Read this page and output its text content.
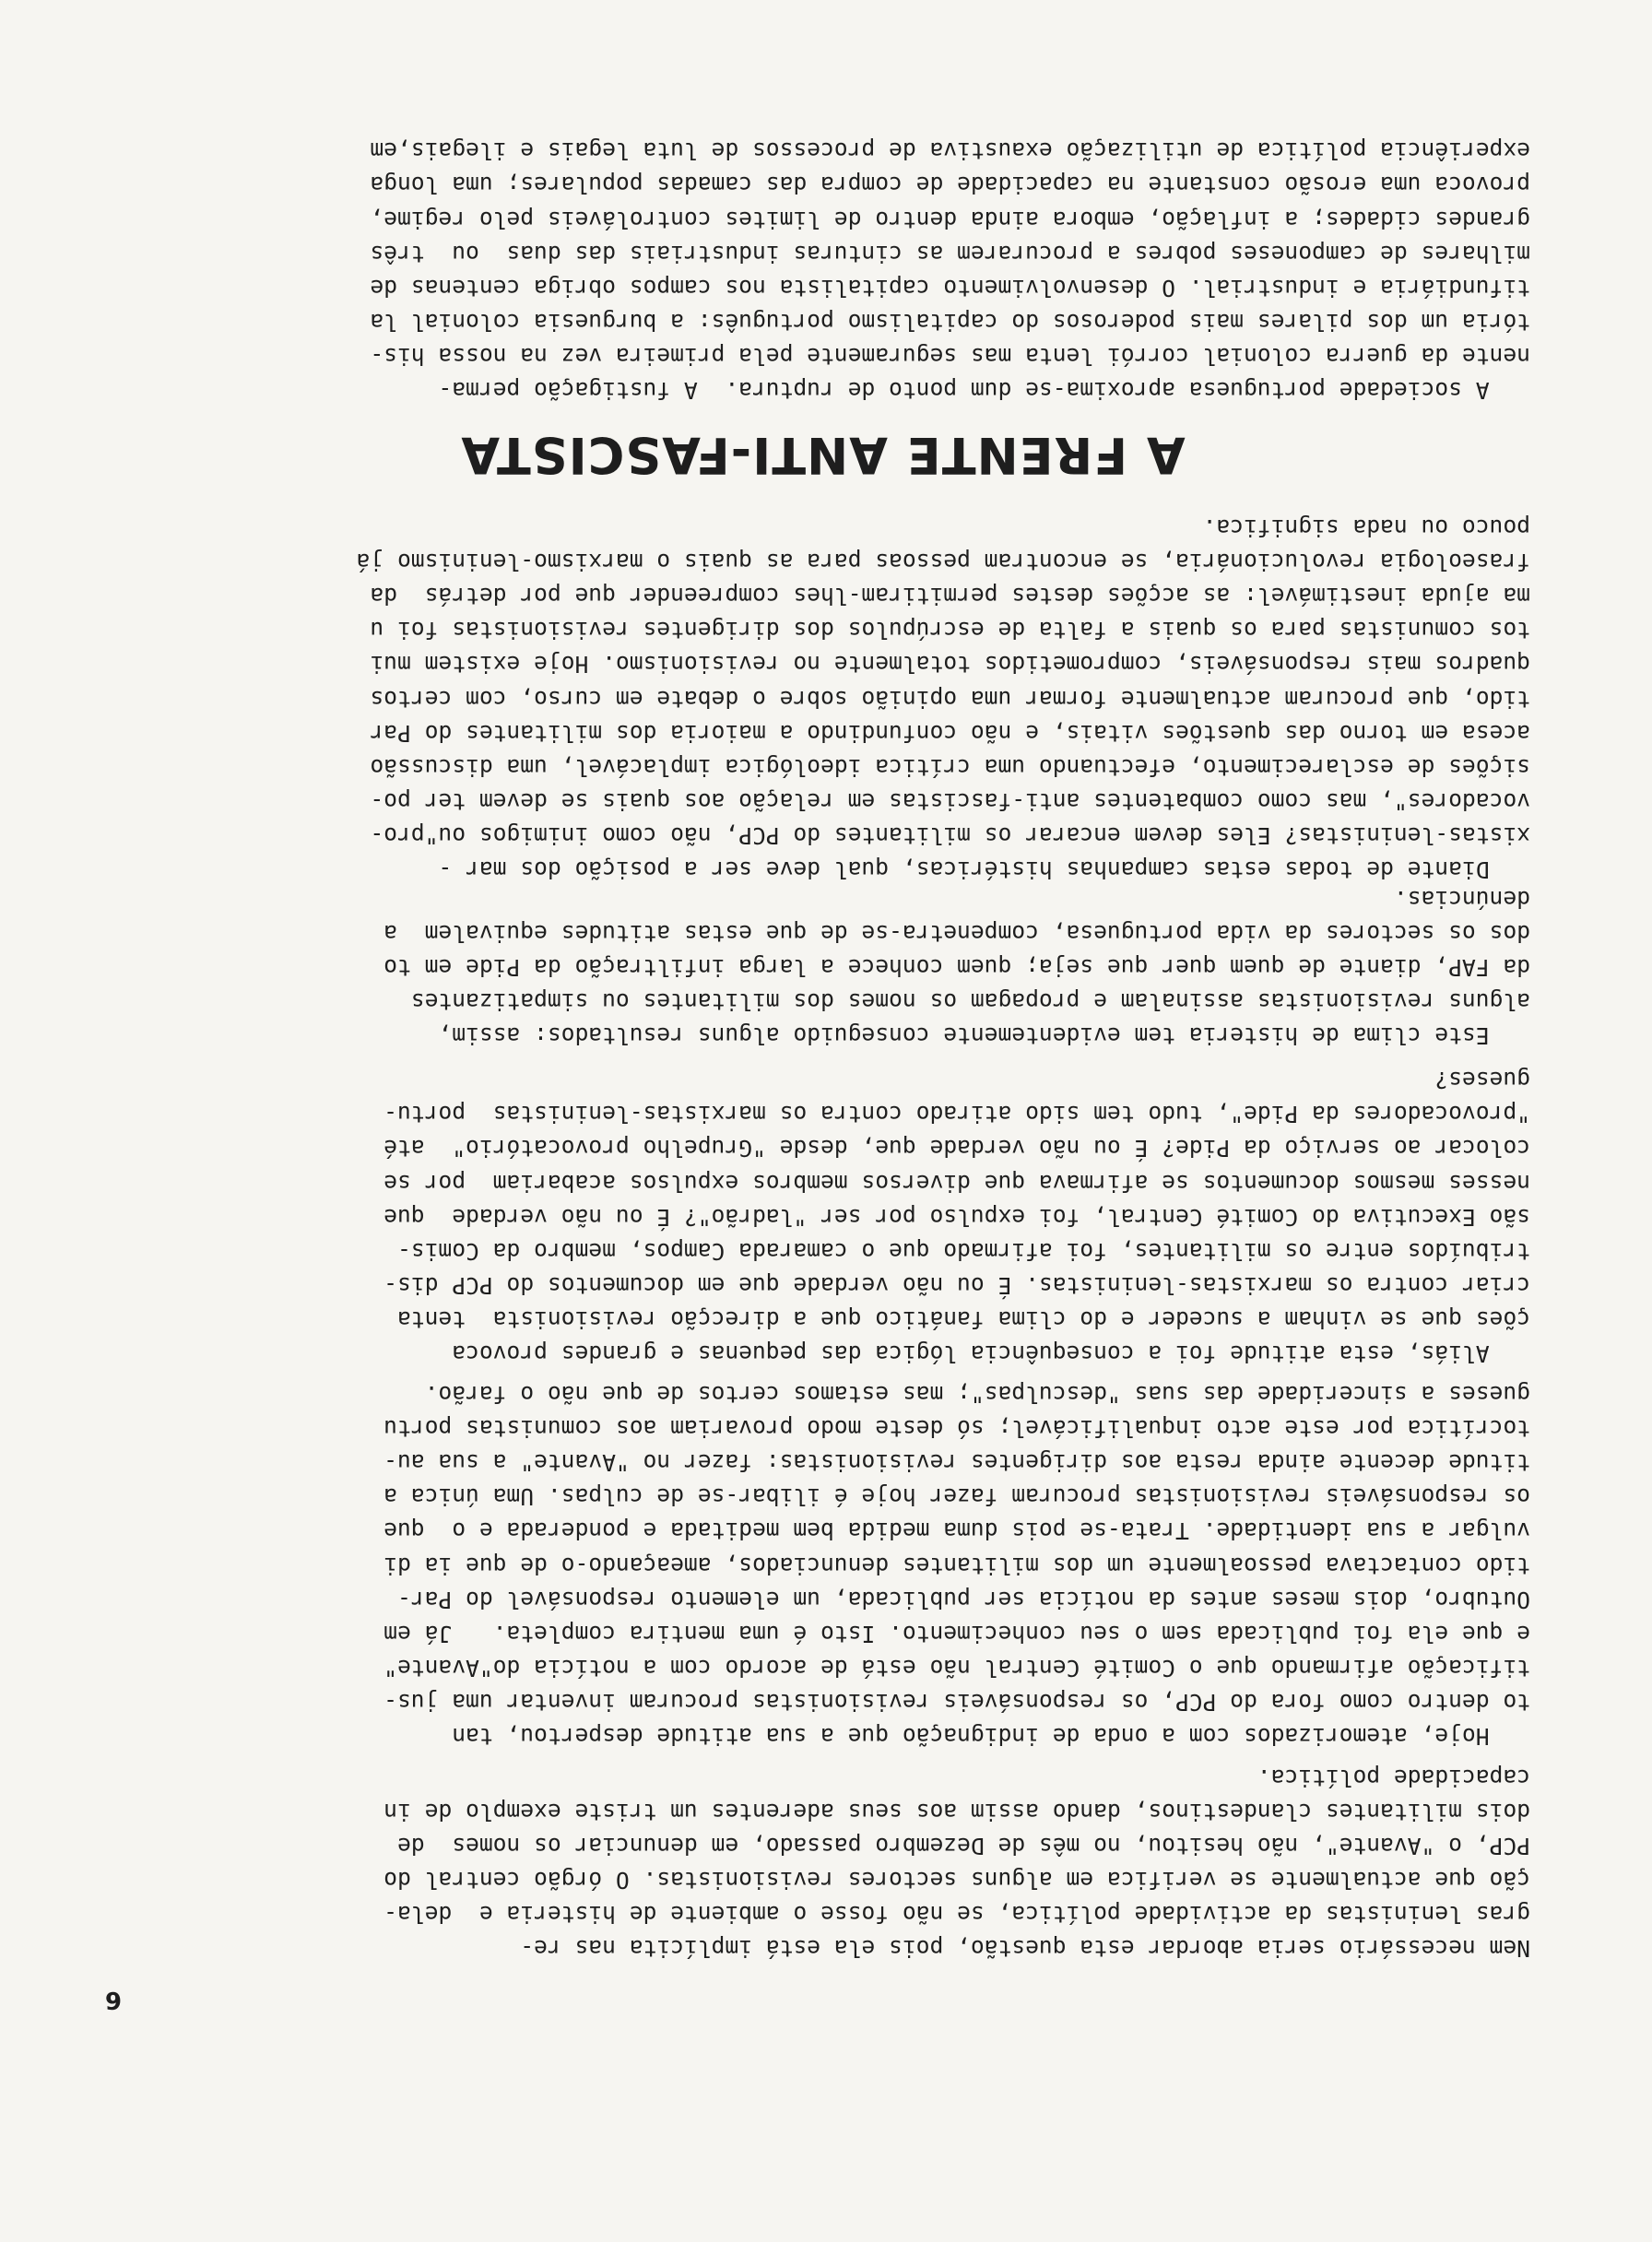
6

Nem necessário seria abordar esta questão, pois ela está implícita nas re-
gras leninistas da actividade política, se não fosse o ambiente de histeria e  dela-
ção que actualmente se verifica em alguns sectores revisionistas. O órgão central do
PCP, o "Avante", não hesitou, no mês de Dezembro passado, em denunciar os nomes  de
dois militantes clandestinos, dando assim aos seus aderentes um triste exemplo de in
capacidade política.
Hoje, atemorizados com a onda de indignação que a sua atitude despertou, tan
to dentro como fora do PCP, os responsáveis revisionistas procuram inventar uma jus-
tificação afirmando que o Comité Central não está de acordo com a notícia do"Avante"
e que ela foi publicada sem o seu conhecimento. Isto é uma mentira completa.   Já em
Outubro, dois meses antes da notícia ser publicada, um elemento responsável do Par-
tido contactava pessoalmente um dos militantes denunciados, ameaçando-o de que ia di
vulgar a sua identidade. Trata-se pois duma medida bem meditada e ponderada e o  que
os responsáveis revisionistas procuram fazer hoje é ilibar-se de culpas. Uma única a
titude decente ainda resta aos dirigentes revisionistas: fazer no "Avante" a sua au-
tocrítica por este acto inqualificável; só deste modo provariam aos comunistas portu
gueses a sinceridade das suas "desculpas"; mas estamos certos de que não o farão.
Aliás, esta atitude foi a consequência lógica das pequenas e grandes provoca
ções que se vinham a suceder e do clima fanático que a direcção revisionista  tenta
criar contra os marxistas-leninistas. É ou não verdade que em documentos do PCP dis-
tribuídos entre os militantes, foi afirmado que o camarada Campos, membro da Comis-
são Executiva do Comité Central, foi expulso por ser "ladrão"? É ou não verdade  que
nesses mesmos documentos se afirmava que diversos membros expulsos acabariam  por se
colocar ao serviço da Pide? É ou não verdade que, desde "Grupelho provocatório"  até
"provocadores da Pide", tudo tem sido atirado contra os marxistas-leninistas  portu-
gueses?
Este clima de histeria tem evidentemente conseguido alguns resultados: assim,
alguns revisionistas assinalam e propagam os nomes dos militantes ou simpatizantes
da FAP, diante de quem quer que seja; quem conhece a larga infiltração da Pide em to
dos os sectores da vida portuguesa, compenetra-se de que estas atitudes equivalem  a
denúncias.
Diante de todas estas campanhas histéricas, qual deve ser a posição dos mar -
xistas-leninistas? Eles devem encarar os militantes do PCP, não como inimigos ou"pro-
vocadores", mas como combatentes anti-fascistas em relação aos quais se devem ter po-
sições de esclarecimento, efectuando uma crítica ideológica implacável, uma discussão
acesa em torno das questões vitais, e não confundindo a maioria dos militantes do Par
tido, que procuram actualmente formar uma opinião sobre o debate em curso, com certos
quadros mais responsáveis, comprometidos totalmente no revisionismo. Hoje existem mui
tos comunistas para os quais a falta de escrúpulos dos dirigentes revisionistas foi u
ma ajuda inestimável: as acções destes permitiram-lhes compreender que por detrás  da
fraseologia revolucionária, se encontram pessoas para as quais o marxismo-leninismo já
pouco ou nada significa.
A FRENTE ANTI-FASCISTA
A sociedade portuguesa aproxima-se dum ponto de ruptura.  A fustigação perma-
nente da guerra colonial corrói lenta mas seguramente pela primeira vez na nossa his-
tória um dos pilares mais poderosos do capitalismo português: a burguesia colonial la
tifundiária e industrial. O desenvolvimento capitalista nos campos obriga centenas de
milhares de camponeses pobres a procurarem as cinturas industriais das duas  ou  três
grandes cidades; a inflação, embora ainda dentro de limites controláveis pelo regime,
provoca uma erosão constante na capacidade de compra das camadas populares; uma longa
experiência política de utilização exaustiva de processos de luta legais e ilegais,em
